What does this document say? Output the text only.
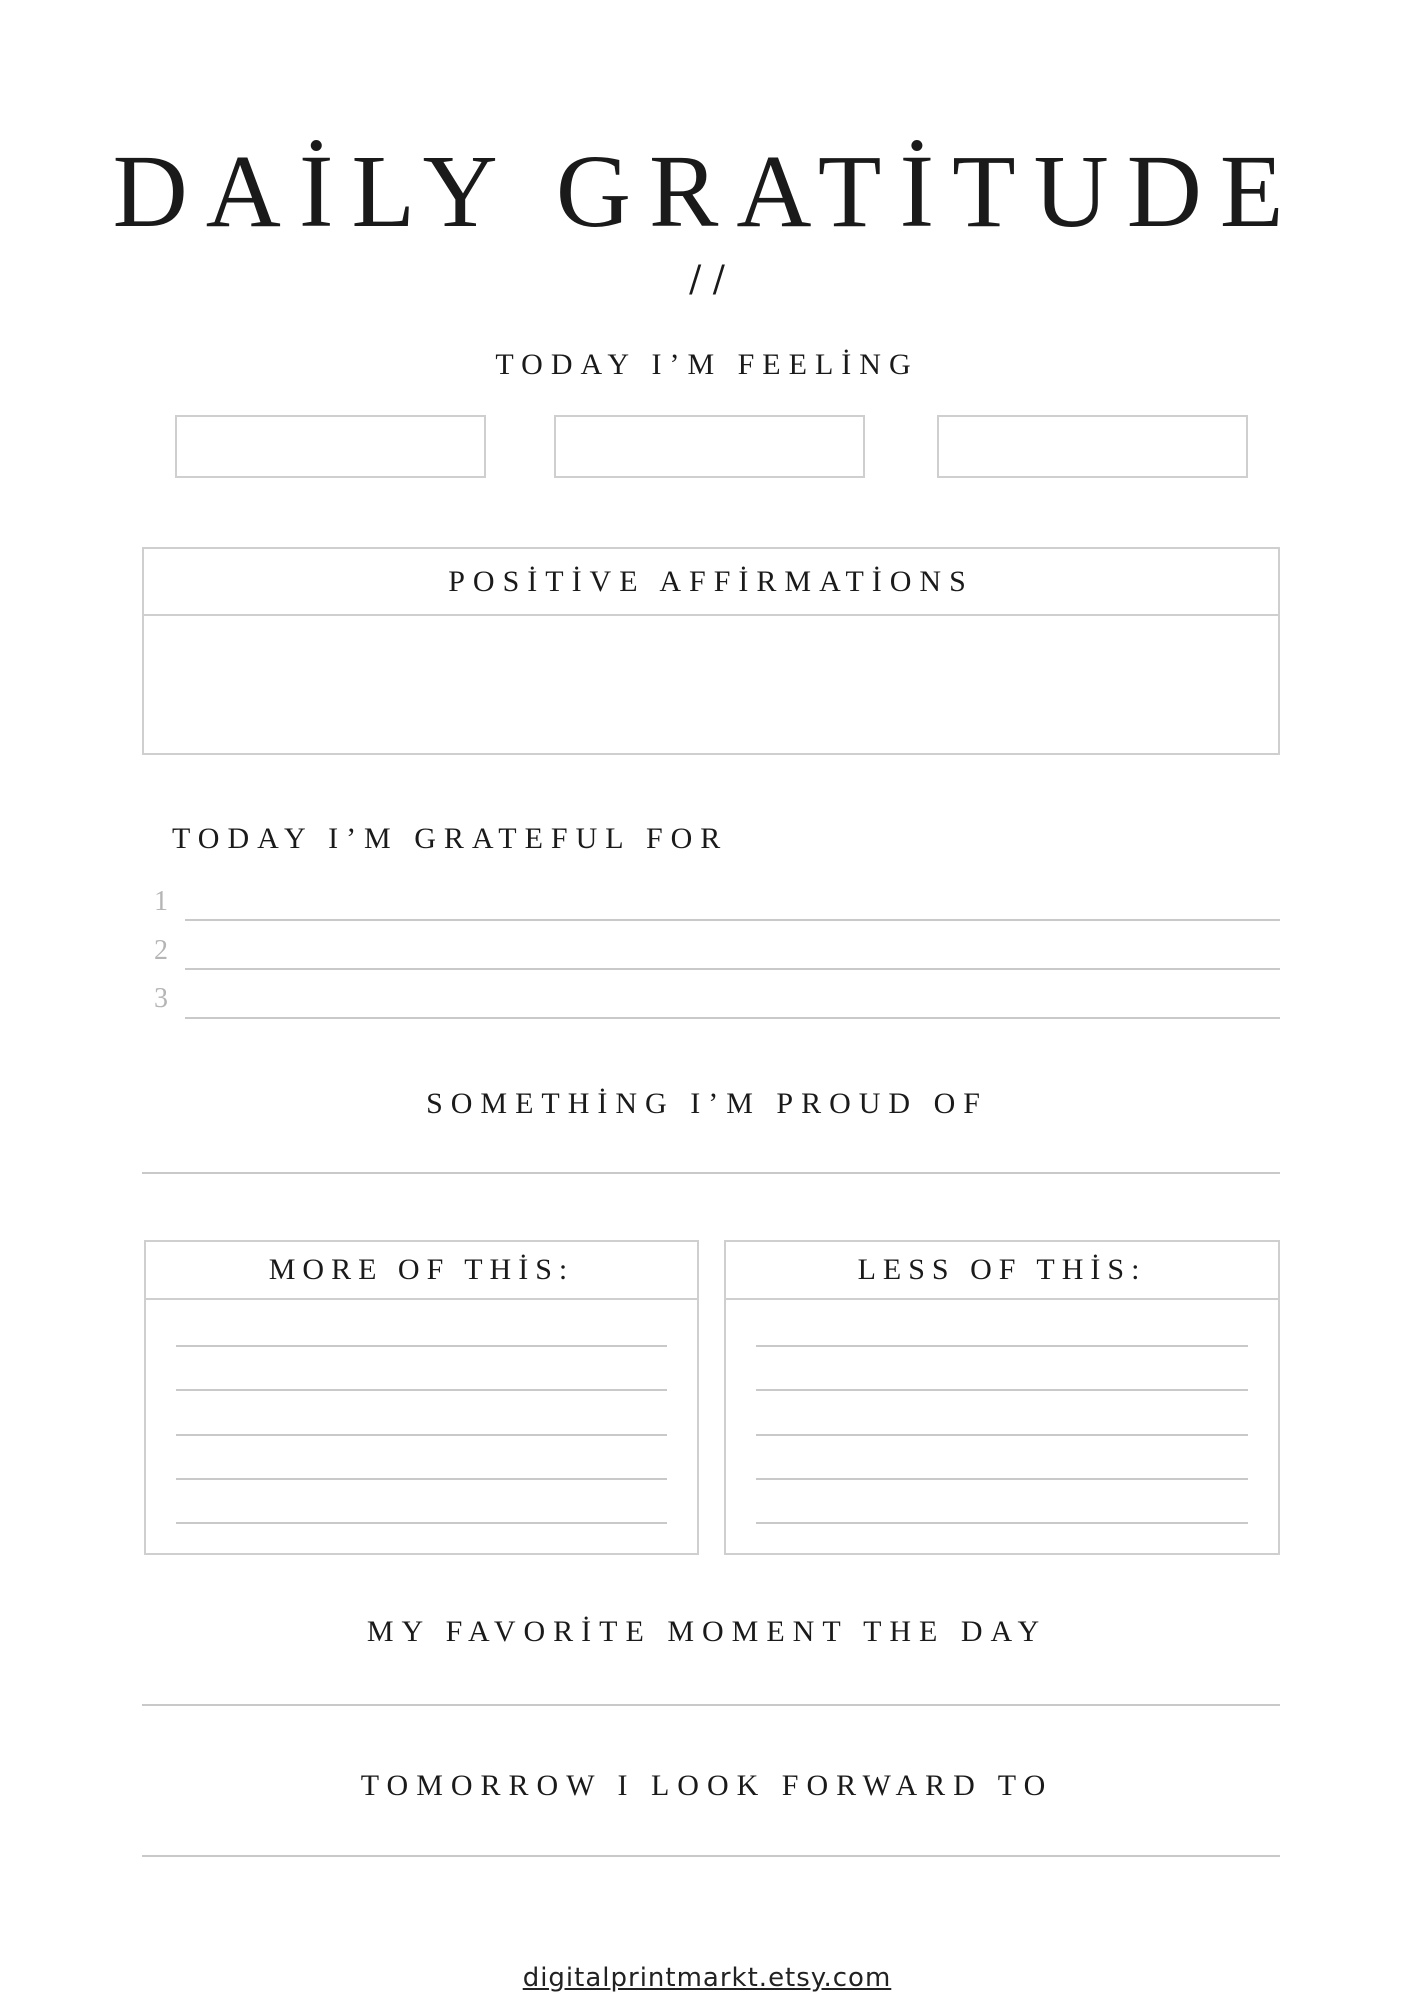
DAİLY GRATİTUDE
/ /
TODAY I’M FEELİNG
POSİTİVE AFFİRMATİONS
TODAY I’M GRATEFUL FOR
1
2
3
SOMETHİNG I’M PROUD OF
MORE OF THİS:	LESS OF THİS:
MY FAVORİTE MOMENT THE DAY
TOMORROW I LOOK FORWARD TO
digitalprintmarkt.etsy.com
